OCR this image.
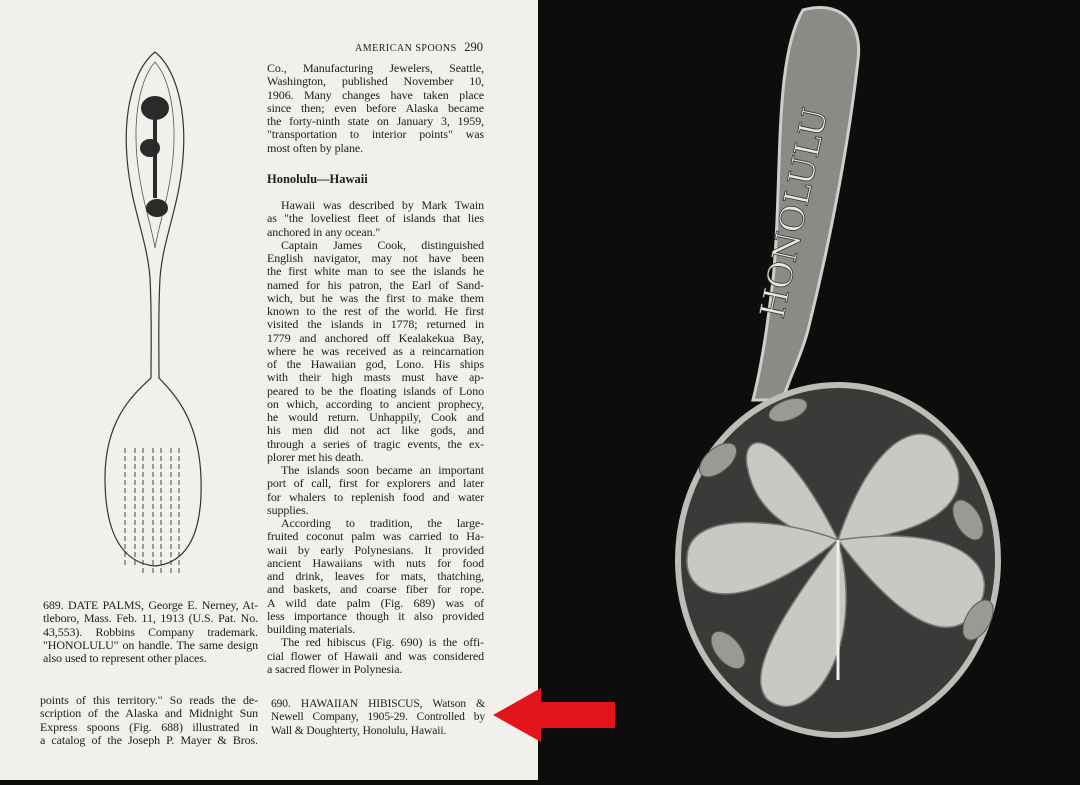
AMERICAN SPOONS 290
689. DATE PALMS, George E. Nerney, At-
tleboro, Mass. Feb. 11, 1913 (U.S. Pat. No.
43,553). Robbins Company trademark.
"HONOLULU" on handle. The same design
also used to represent other places.
points of this territory." So reads the de-
scription of the Alaska and Midnight Sun
Express spoons (Fig. 688) illustrated in
a catalog of the Joseph P. Mayer & Bros.
Co., Manufacturing Jewelers, Seattle,
Washington, published November 10,
1906. Many changes have taken place
since then; even before Alaska became
the forty-ninth state on January 3, 1959,
"transportation to interior points" was
most often by plane.
Honolulu—Hawaii
Hawaii was described by Mark Twain
as "the loveliest fleet of islands that lies
anchored in any ocean."
Captain James Cook, distinguished
English navigator, may not have been
the first white man to see the islands he
named for his patron, the Earl of Sand-
wich, but he was the first to make them
known to the rest of the world. He first
visited the islands in 1778; returned in
1779 and anchored off Kealakekua Bay,
where he was received as a reincarnation
of the Hawaiian god, Lono. His ships
with their high masts must have ap-
peared to be the floating islands of Lono
on which, according to ancient prophecy,
he would return. Unhappily, Cook and
his men did not act like gods, and
through a series of tragic events, the ex-
plorer met his death.
The islands soon became an important
port of call, first for explorers and later
for whalers to replenish food and water
supplies.
According to tradition, the large-
fruited coconut palm was carried to Ha-
waii by early Polynesians. It provided
ancient Hawaiians with nuts for food
and drink, leaves for mats, thatching,
and baskets, and coarse fiber for rope.
A wild date palm (Fig. 689) was of
less importance though it also provided
building materials.
The red hibiscus (Fig. 690) is the offi-
cial flower of Hawaii and was considered
a sacred flower in Polynesia.
690. HAWAIIAN HIBISCUS, Watson &
Newell Company, 1905-29. Controlled by
Wall & Doughterty, Honolulu, Hawaii.
HONOLULU
